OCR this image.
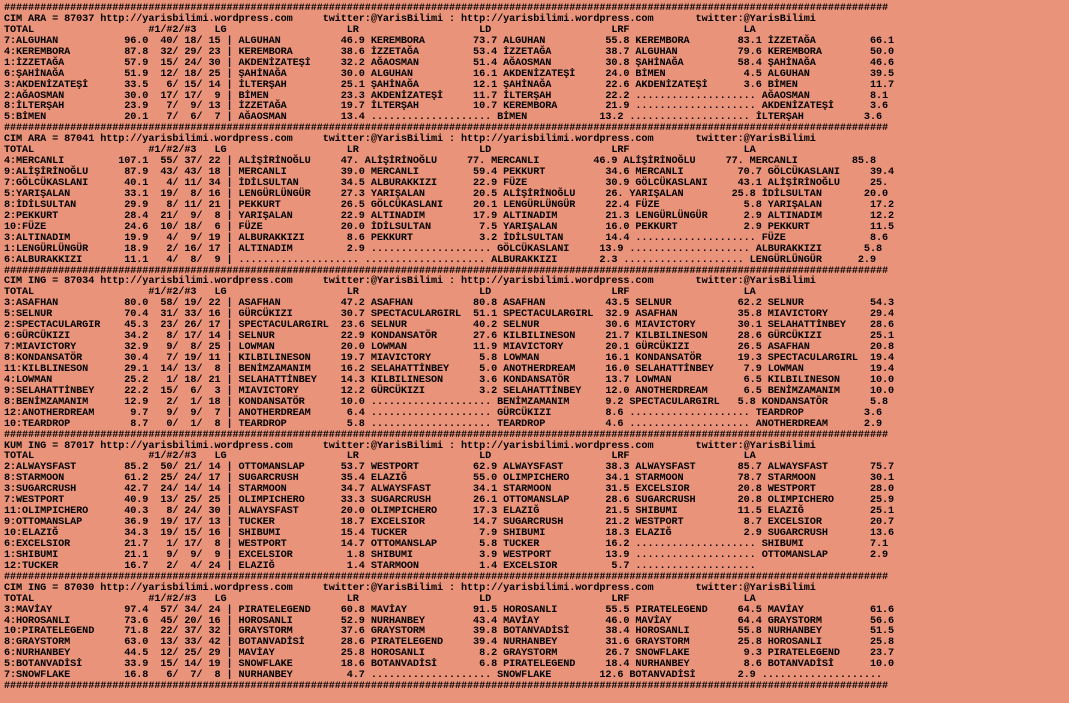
###################################################################################################################################################
CIM ARA = 87037 http://yarisbilimi.wordpress.com     twitter:@YarisBilimi : http://yarisbilimi.wordpress.com       twitter:@YarisBilimi
TOTAL                   #1/#2/#3   LG                    LR                    LD                    LRF                   LA
7:ALGUHAN           96.0  40/ 18/ 15 | ALGUHAN          46.9 KEREMBORA        73.7 ALGUHAN          55.8 KEREMBORA        83.1 İZZETAĞA         66.1
4:KEREMBORA         87.8  32/ 29/ 23 | KEREMBORA        38.6 İZZETAĞA         53.4 İZZETAĞA         38.7 ALGUHAN          79.6 KEREMBORA        50.0
1:İZZETAĞA          57.9  15/ 24/ 30 | AKDENİZATEŞİ     32.2 AĞAOSMAN         51.4 AĞAOSMAN         30.8 ŞAHİNAĞA         58.4 ŞAHİNAĞA         46.6
6:ŞAHİNAĞA          51.9  12/ 18/ 25 | ŞAHİNAĞA         30.0 ALGUHAN          16.1 AKDENİZATEŞİ     24.0 BİMEN             4.5 ALGUHAN          39.5
3:AKDENİZATEŞİ      33.5   6/ 15/ 14 | İLTERŞAH         25.1 ŞAHİNAĞA         12.1 ŞAHİNAĞA         22.6 AKDENİZATEŞİ      3.6 BİMEN            11.7
2:AĞAOSMAN          30.0  17/ 17/  9 | BİMEN            23.3 AKDENİZATEŞİ     11.7 İLTERŞAH         22.2 .................... AĞAOSMAN          8.1
8:İLTERŞAH          23.9   7/  9/ 13 | İZZETAĞA         19.7 İLTERŞAH         10.7 KEREMBORA        21.9 .................... AKDENİZATEŞİ      3.6
5:BİMEN             20.1   7/  6/  7 | AĞAOSMAN         13.4 .................... BİMEN            13.2 .................... İLTERŞAH          3.6
###################################################################################################################################################
CIM ARA = 87041 http://yarisbilimi.wordpress.com     twitter:@YarisBilimi : http://yarisbilimi.wordpress.com       twitter:@YarisBilimi
TOTAL                   #1/#2/#3   LG                    LR                    LD                    LRF                   LA
4:MERCANLI         107.1  55/ 37/ 22 | ALİŞİRİNOĞLU     47. ALİŞİRİNOĞLU     77. MERCANLI         46.9 ALİŞİRİNOĞLU     77. MERCANLI         85.8
9:ALİŞİRİNOĞLU      87.9  43/ 43/ 18 | MERCANLI         39.0 MERCANLI         59.4 PEKKURT          34.6 MERCANLI         70.7 GÖLCÜKASLANI     39.4
7:GÖLCÜKASLANI      40.1   4/ 11/ 34 | İDİLSULTAN       34.5 ALBURAKKIZI      22.9 FÜZE             30.9 GÖLCÜKASLANI     43.1 ALİŞİRİNOĞLU     25.
5:YARIŞALAN         33.1  19/  8/ 16 | LENGÜRLÜNGÜR     27.3 YARIŞALAN        20.5 ALİŞİRİNOĞLU     26. YARIŞALAN        25.8 İDİLSULTAN       20.0
8:İDİLSULTAN        29.9   8/ 11/ 21 | PEKKURT          26.5 GÖLCÜKASLANI     20.1 LENGÜRLÜNGÜR     22.4 FÜZE              5.8 YARIŞALAN        17.2
2:PEKKURT           28.4  21/  9/  8 | YARIŞALAN        22.9 ALTINADIM        17.9 ALTINADIM        21.3 LENGÜRLÜNGÜR      2.9 ALTINADIM        12.2
10:FÜZE             24.6  10/ 18/  6 | FÜZE             20.0 İDİLSULTAN        7.5 YARIŞALAN        16.0 PEKKURT           2.9 PEKKURT          11.5
3:ALTINADIM         19.9   4/  9/ 19 | ALBURAKKIZI       8.6 PEKKURT           3.2 İDİLSULTAN       14.4 .................... FÜZE              8.6
1:LENGÜRLÜNGÜR      18.9   2/ 16/ 17 | ALTINADIM         2.9 .................... GÖLCÜKASLANI     13.9 .................... ALBURAKKIZI       5.8
6:ALBURAKKIZI       11.1   4/  8/  9 | .................... .................... ALBURAKKIZI       2.3 .................... LENGÜRLÜNGÜR      2.9
###################################################################################################################################################
CIM ING = 87034 http://yarisbilimi.wordpress.com     twitter:@YarisBilimi : http://yarisbilimi.wordpress.com       twitter:@YarisBilimi
TOTAL                   #1/#2/#3   LG                    LR                    LD                    LRF                   LA
3:ASAFHAN           80.0  58/ 19/ 22 | ASAFHAN          47.2 ASAFHAN          80.8 ASAFHAN          43.5 SELNUR           62.2 SELNUR           54.3
5:SELNUR            70.4  31/ 33/ 16 | GÜRCÜKIZI        30.7 SPECTACULARGIRL  51.1 SPECTACULARGIRL  32.9 ASAFHAN          35.8 MIAVICTORY       29.4
2:SPECTACULARGIR    45.3  23/ 26/ 17 | SPECTACULARGIRL  23.6 SELNUR           40.2 SELNUR           30.6 MIAVICTORY       30.1 SELAHATTİNBEY    28.6
6:GÜRCÜKIZI         34.2   8/ 17/ 14 | SELNUR           22.9 KONDANSATÖR      27.6 KILBILINESON     21.7 KILBILINESON     28.6 GÜRCÜKIZI        25.1
7:MIAVICTORY        32.9   9/  8/ 25 | LOWMAN           20.0 LOWMAN           11.9 MIAVICTORY       20.1 GÜRCÜKIZI        26.5 ASAFHAN          20.8
8:KONDANSATÖR       30.4   7/ 19/ 11 | KILBILINESON     19.7 MIAVICTORY        5.8 LOWMAN           16.1 KONDANSATÖR      19.3 SPECTACULARGIRL  19.4
11:KILBLINESON      29.1  14/ 13/  8 | BENİMZAMANIM     16.2 SELAHATTİNBEY     5.0 ANOTHERDREAM     16.0 SELAHATTİNBEY     7.9 LOWMAN           19.4
4:LOWMAN            25.2   1/ 18/ 21 | SELAHATTİNBEY    14.3 KILBILINESON      3.6 KONDANSATÖR      13.7 LOWMAN            6.5 KILBILINESON     10.0
9:SELAHATTİNBEY     22.2  15/  6/  3 | MIAVICTORY       12.2 GÜRCÜKIZI         3.2 SELAHATTİNBEY    12.0 ANOTHERDREAM      6.5 BENİMZAMANIM     10.0
8:BENİMZAMANIM      12.9   2/  1/ 18 | KONDANSATÖR      10.0 .................... BENİMZAMANIM      9.2 SPECTACULARGIRL   5.8 KONDANSATÖR       5.8
12:ANOTHERDREAM      9.7   9/  9/  7 | ANOTHERDREAM      6.4 .................... GÜRCÜKIZI         8.6 .................... TEARDROP          3.6
10:TEARDROP          8.7   0/  1/  8 | TEARDROP          5.8 .................... TEARDROP          4.6 .................... ANOTHERDREAM      2.9
###################################################################################################################################################
KUM ING = 87017 http://yarisbilimi.wordpress.com     twitter:@YarisBilimi : http://yarisbilimi.wordpress.com       twitter:@YarisBilimi
TOTAL                   #1/#2/#3   LG                    LR                    LD                    LRF                   LA
2:ALWAYSFAST        85.2  50/ 21/ 14 | OTTOMANSLAP      53.7 WESTPORT         62.9 ALWAYSFAST       38.3 ALWAYSFAST       85.7 ALWAYSFAST       75.7
8:STARMOON          61.2  25/ 24/ 17 | SUGARCRUSH       35.4 ELAZIĞ           55.0 OLIMPICHERO      34.1 STARMOON         78.7 STARMOON         30.1
3:SUGARCRUSH        42.7  24/ 14/ 14 | STARMOON         34.7 ALWAYSFAST       34.1 STARMOON         31.5 EXCELSIOR        20.8 WESTPORT         28.0
7:WESTPORT          40.9  13/ 25/ 25 | OLIMPICHERO      33.3 SUGARCRUSH       26.1 OTTOMANSLAP      28.6 SUGARCRUSH       20.8 OLIMPICHERO      25.9
11:OLIMPICHERO      40.3   8/ 24/ 30 | ALWAYSFAST       20.0 OLIMPICHERO      17.3 ELAZIĞ           21.5 SHIBUMI          11.5 ELAZIĞ           25.1
9:OTTOMANSLAP       36.9  19/ 17/ 13 | TUCKER           18.7 EXCELSIOR        14.7 SUGARCRUSH       21.2 WESTPORT          8.7 EXCELSIOR        20.7
10:ELAZIĞ           34.3  19/ 15/ 16 | SHIBUMI          15.4 TUCKER            7.9 SHIBUMI          18.3 ELAZIĞ            2.9 SUGARCRUSH       13.6
6:EXCELSIOR         21.7   1/ 17/  8 | WESTPORT         14.7 OTTOMANSLAP       5.8 TUCKER           16.2 .................... SHIBUMI           7.1
1:SHIBUMI           21.1   9/  9/  9 | EXCELSIOR         1.8 SHIBUMI           3.9 WESTPORT         13.9 .................... OTTOMANSLAP       2.9
12:TUCKER           16.7   2/  4/ 24 | ELAZIĞ            1.4 STARMOON          1.4 EXCELSIOR         5.7 ....................
###################################################################################################################################################
CIM ING = 87030 http://yarisbilimi.wordpress.com     twitter:@YarisBilimi : http://yarisbilimi.wordpress.com       twitter:@YarisBilimi
TOTAL                   #1/#2/#3   LG                    LR                    LD                    LRF                   LA
3:MAVİAY            97.4  57/ 34/ 24 | PIRATELEGEND     60.8 MAVİAY           91.5 HOROSANLI        55.5 PIRATELEGEND     64.5 MAVİAY           61.6
4:HOROSANLI         73.6  45/ 20/ 16 | HOROSANLI        52.9 NURHANBEY        43.4 MAVİAY           46.0 MAVİAY           64.4 GRAYSTORM        56.6
10:PIRATELEGEND     71.8  22/ 37/ 32 | GRAYSTORM        37.6 GRAYSTORM        39.8 BOTANVADİSİ      38.4 HOROSANLI        55.8 NURHANBEY        51.5
8:GRAYSTORM         63.0  13/ 33/ 42 | BOTANVADİSİ      28.6 PIRATELEGEND     39.4 NURHANBEY        31.6 GRAYSTORM        25.8 HOROSANLI        25.8
6:NURHANBEY         44.5  12/ 25/ 29 | MAVİAY           25.8 HOROSANLI         8.2 GRAYSTORM        26.7 SNOWFLAKE         9.3 PIRATELEGEND     23.7
5:BOTANVADİSİ       33.9  15/ 14/ 19 | SNOWFLAKE        18.6 BOTANVADİSİ       6.8 PIRATELEGEND     18.4 NURHANBEY         8.6 BOTANVADİSİ      10.0
7:SNOWFLAKE         16.8   6/  7/  8 | NURHANBEY         4.7 .................... SNOWFLAKE        12.6 BOTANVADİSİ       2.9 ....................
###################################################################################################################################################
